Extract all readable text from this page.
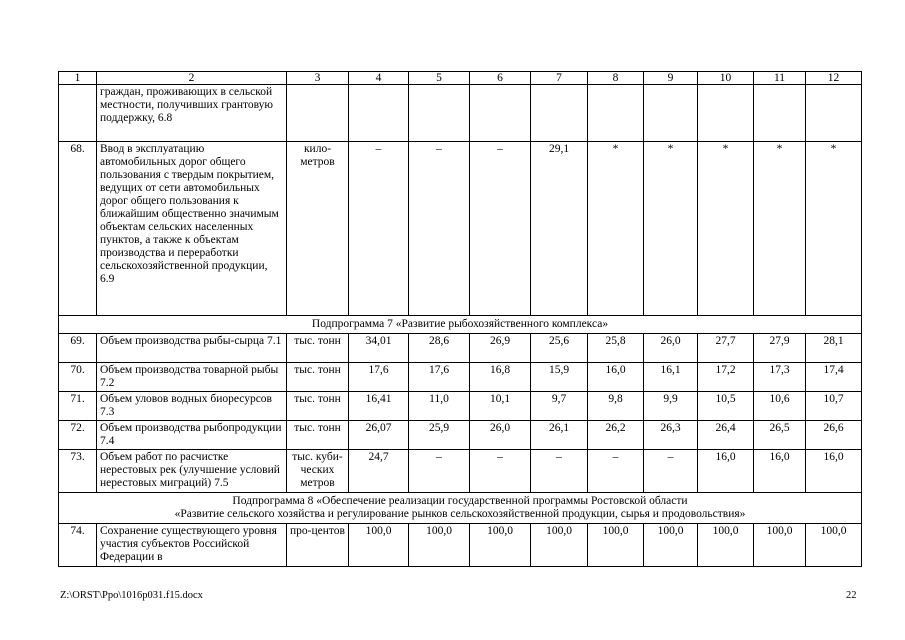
1	2	3	4	5	6	7	8	9	10	11	12
	граждан, проживающих в сельской местности, получивших грантовую поддержку, 6.8										
68.	Ввод в эксплуатацию автомобильных дорог общего пользования с твердым покрытием, ведущих от сети автомобильных дорог общего пользования к ближайшим общественно значимым объектам сельских населенных пунктов, а также к объектам производства и переработки сельскохозяйственной продукции, 6.9	кило-метров	–	–	–	29,1	*	*	*	*	*

Подпрограмма 7 «Развитие рыбохозяйственного комплекса»											

69.	Объем производства рыбы-сырца 7.1	тыс. тонн	34,01	28,6	26,9	25,6	25,8	26,0	27,7	27,9	28,1
70.	Объем производства товарной рыбы 7.2	тыс. тонн	17,6	17,6	16,8	15,9	16,0	16,1	17,2	17,3	17,4
71.	Объем уловов водных биоресурсов 7.3	тыс. тонн	16,41	11,0	10,1	9,7	9,8	9,9	10,5	10,6	10,7
72.	Объем производства рыбопродукции 7.4	тыс. тонн	26,07	25,9	26,0	26,1	26,2	26,3	26,4	26,5	26,6
73.	Объем работ по расчистке нерестовых рек (улучшение условий нерестовых миграций) 7.5	тыс. куби-ческих метров	24,7	–	–	–	–	–	16,0	16,0	16,0

Подпрограмма 8 «Обеспечение реализации государственной программы Ростовской области
«Развитие сельского хозяйства и регулирование рынков сельскохозяйственной продукции, сырья и продовольствия»											

74.	Сохранение существующего уровня участия субъектов Российской Федерации в	про-центов	100,0	100,0	100,0	100,0	100,0	100,0	100,0	100,0	100,0
Z:\ORST\Ppo\1016p031.f15.docx	22
